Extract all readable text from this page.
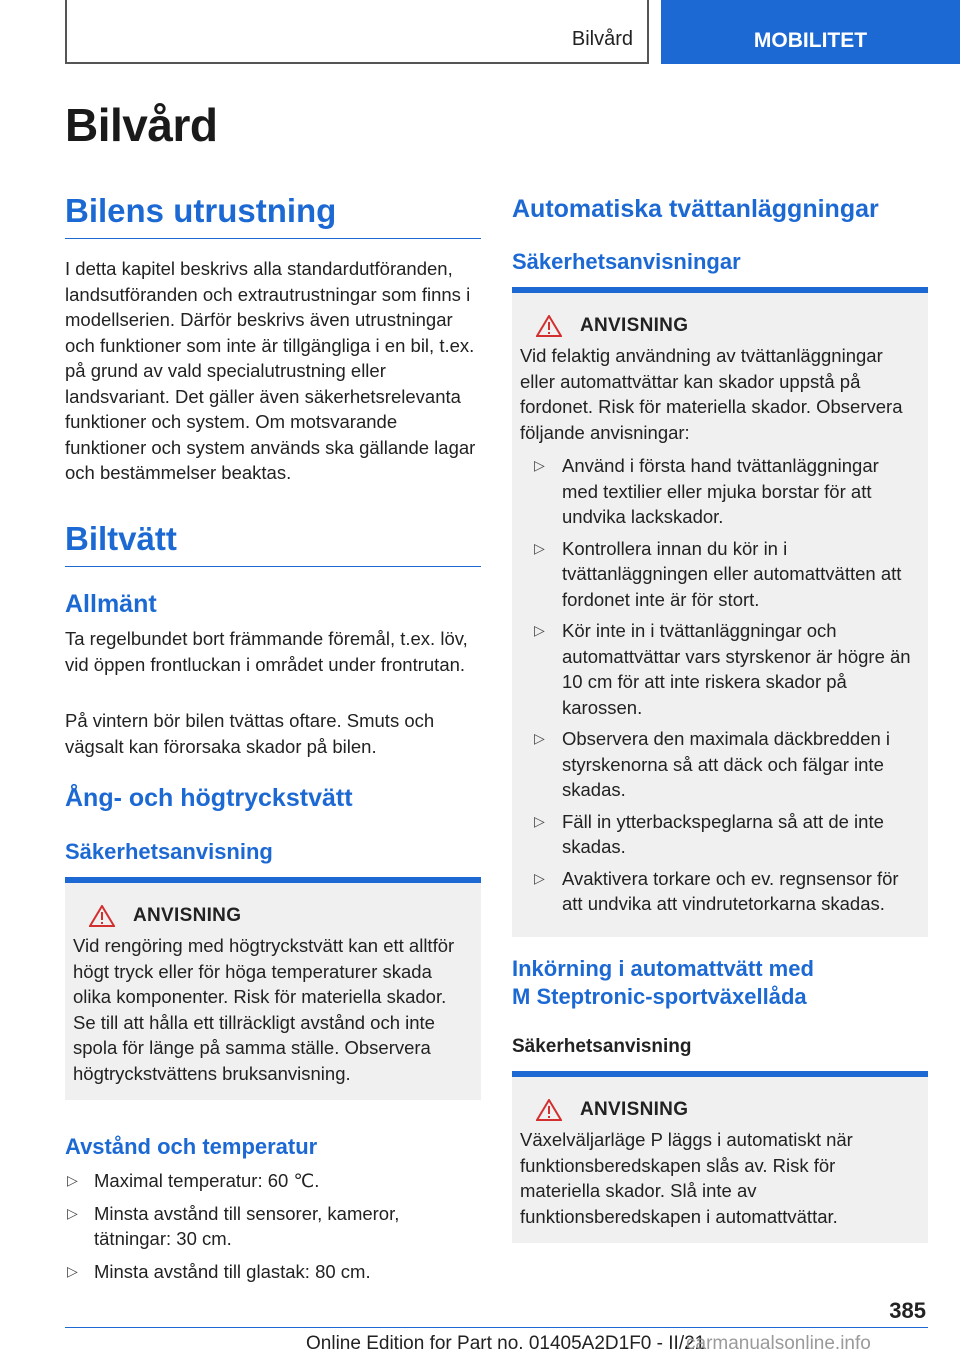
Bilvård	MOBILITET
Bilvård
Bilens utrustning

I detta kapitel beskrivs alla standardutföranden, landsutföranden och extrautrustningar som finns i modellserien. Därför beskrivs även utrustningar och funktioner som inte är tillgängliga i en bil, t.ex. på grund av vald specialutrustning eller landsvariant. Det gäller även säkerhetsrelevanta funktioner och system. Om motsvarande funktioner och system används ska gällande lagar och bestämmelser beaktas.

Biltvätt
Allmänt

Ta regelbundet bort främmande föremål, t.ex. löv, vid öppen frontluckan i området under frontrutan.

På vintern bör bilen tvättas oftare. Smuts och vägsalt kan förorsaka skador på bilen.

Ång- och högtryckstvätt
Säkerhetsanvisning
ANVISNING

Vid rengöring med högtryckstvätt kan ett alltför högt tryck eller för höga temperaturer skada olika komponenter. Risk för materiella skador. Se till att hålla ett tillräckligt avstånd och inte spola för länge på samma ställe. Observera högtryckstvättens bruksanvisning.

Avstånd och temperatur
▷ Maximal temperatur: 60 ℃.
▷ Minsta avstånd till sensorer, kameror, tätningar: 30 cm.
▷ Minsta avstånd till glastak: 80 cm.
Automatiska tvättanläggningar
Säkerhetsanvisningar
ANVISNING

Vid felaktig användning av tvättanläggningar eller automattvättar kan skador uppstå på fordonet. Risk för materiella skador. Observera följande anvisningar:

▷ Använd i första hand tvättanläggningar med textilier eller mjuka borstar för att undvika lackskador.
▷ Kontrollera innan du kör in i tvättanläggningen eller automattvätten att fordonet inte är för stort.
▷ Kör inte in i tvättanläggningar och automattvättar vars styrskenor är högre än 10 cm för att inte riskera skador på karossen.
▷ Observera den maximala däckbredden i styrskenorna så att däck och fälgar inte skadas.
▷ Fäll in ytterbackspeglarna så att de inte skadas.
▷ Avaktivera torkare och ev. regnsensor för att undvika att vindrutetorkarna skadas.
Inkörning i automattvätt med
M Steptronic-sportväxellåda
Säkerhetsanvisning
ANVISNING

Växelväljarläge P läggs i automatiskt när funktionsberedskapen slås av. Risk för materiella skador. Slå inte av funktionsberedskapen i automattvättar.

385
Online Edition for Part no. 01405A2D1F0 - II/21
carmanualsonline.info
